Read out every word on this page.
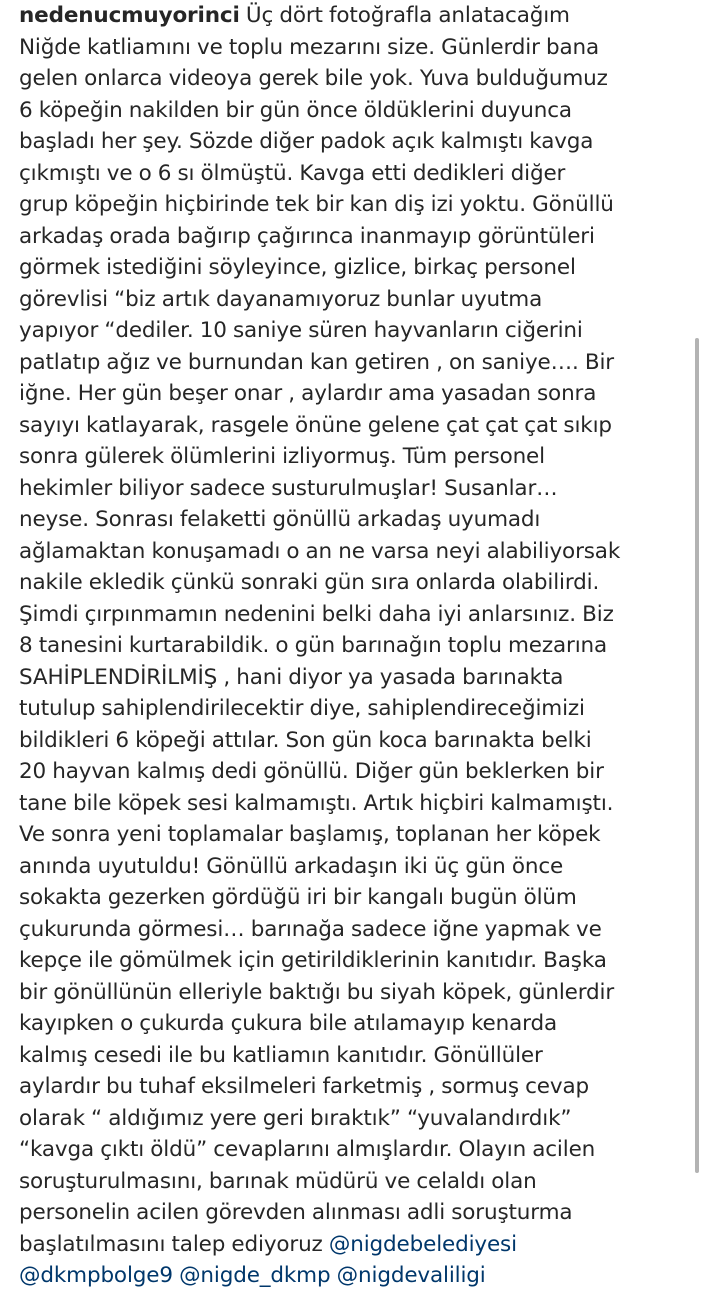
nedenucmuyorinci Üç dört fotoğrafla anlatacağım
Niğde katliamını ve toplu mezarını size. Günlerdir bana
gelen onlarca videoya gerek bile yok. Yuva bulduğumuz
6 köpeğin nakilden bir gün önce öldüklerini duyunca
başladı her şey. Sözde diğer padok açık kalmıştı kavga
çıkmıştı ve o 6 sı ölmüştü. Kavga etti dedikleri diğer
grup köpeğin hiçbirinde tek bir kan diş izi yoktu. Gönüllü
arkadaş orada bağırıp çağırınca inanmayıp görüntüleri
görmek istediğini söyleyince, gizlice, birkaç personel
görevlisi “biz artık dayanamıyoruz bunlar uyutma
yapıyor “dediler. 10 saniye süren hayvanların ciğerini
patlatıp ağız ve burnundan kan getiren , on saniye…. Bir
iğne. Her gün beşer onar , aylardır ama yasadan sonra
sayıyı katlayarak, rasgele önüne gelene çat çat çat sıkıp
sonra gülerek ölümlerini izliyormuş. Tüm personel
hekimler biliyor sadece susturulmuşlar! Susanlar…
neyse. Sonrası felaketti gönüllü arkadaş uyumadı
ağlamaktan konuşamadı o an ne varsa neyi alabiliyorsak
nakile ekledik çünkü sonraki gün sıra onlarda olabilirdi.
Şimdi çırpınmamın nedenini belki daha iyi anlarsınız. Biz
8 tanesini kurtarabildik. o gün barınağın toplu mezarına
SAHİPLENDİRİLMİŞ , hani diyor ya yasada barınakta
tutulup sahiplendirilecektir diye, sahiplendireceğimizi
bildikleri 6 köpeği attılar. Son gün koca barınakta belki
20 hayvan kalmış dedi gönüllü. Diğer gün beklerken bir
tane bile köpek sesi kalmamıştı. Artık hiçbiri kalmamıştı.
Ve sonra yeni toplamalar başlamış, toplanan her köpek
anında uyutuldu! Gönüllü arkadaşın iki üç gün önce
sokakta gezerken gördüğü iri bir kangalı bugün ölüm
çukurunda görmesi… barınağa sadece iğne yapmak ve
kepçe ile gömülmek için getirildiklerinin kanıtıdır. Başka
bir gönüllünün elleriyle baktığı bu siyah köpek, günlerdir
kayıpken o çukurda çukura bile atılamayıp kenarda
kalmış cesedi ile bu katliamın kanıtıdır. Gönüllüler
aylardır bu tuhaf eksilmeleri farketmiş , sormuş cevap
olarak “ aldığımız yere geri bıraktık” “yuvalandırdık”
“kavga çıktı öldü” cevaplarını almışlardır. Olayın acilen
soruşturulmasını, barınak müdürü ve celaldı olan
personelin acilen görevden alınması adli soruşturma
başlatılmasını talep ediyoruz @nigdebelediyesi
@dkmpbolge9 @nigde_dkmp @nigdevaliligi
